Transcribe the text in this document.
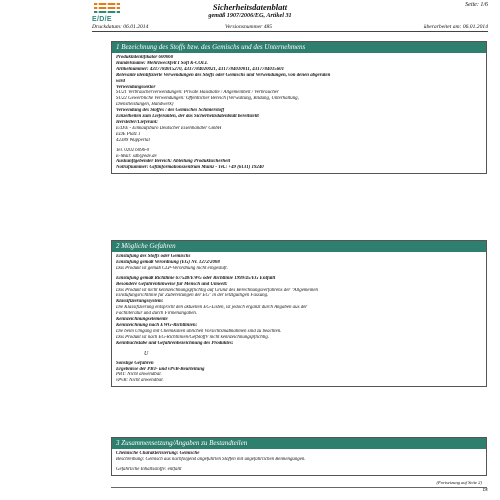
E/D/E
Sicherheitsdatenblatt	Seite: 1/6
gemäß 1907/2006/EG, Artikel 31
Druckdatum: 06.01.2014	Versionsnummer 485	überarbeitet am: 06.01.2014
1 Bezeichnung des Stoffs bzw. des Gemischs und des Unternehmens
Produktidentifikator 600060
Handelsname: Mehrzweckfett I Soft K-COLL
Artikelnummer: 4317784015270, 4317784020021, 4317784010011, 4317784015601
Relevante identifizierte Verwendungen des Stoffs oder Gemischs und Verwendungen, von denen abgeraten
wird
Verwendungssektor
SU21 Verbraucherverwendungen: Private Haushalte / Allgemeinheit / Verbraucher
SU22 Gewerbliche Verwendungen: Öffentlicher Bereich (Verwaltung, Bildung, Unterhaltung,
Dienstleistungen, Handwerk)
Verwendung des Stoffes / des Gemisches Schmierstoff
Einzelheiten zum Lieferanten, der das Sicherheitsdatenblatt bereitstellt
Hersteller/Lieferant:
E/D/E - Einkaufsbüro Deutscher Eisenhändler GmbH
EDE Platz 1
42389 Wuppertal
Tel. 0202 6096-0
E-Mail: sdb@ede.de
Auskunftgebender Bereich: Abteilung Produktsicherheit
Notrufnummer: Giftinformationszentrum Mainz - Tel.: +49 (6131) 19240
2 Mögliche Gefahren
Einstufung des Stoffs oder Gemischs
Einstufung gemäß Verordnung (EG) Nr. 1272/2008
Das Produkt ist gemäß CLP-Verordnung nicht eingestuft.
Einstufung gemäß Richtlinie 67/548/EWG oder Richtlinie 1999/45/EG Entfällt
Besondere Gefahrenhinweise für Mensch und Umwelt:
Das Produkt ist nicht kennzeichnungspflichtig auf Grund des Berechnungsverfahrens der "Allgemeinen
Einstufungsrichtlinie für Zubereitungen der EG" in der letztgültigen Fassung.
Klassifizierungssystem:
Die Klassifizierung entspricht den aktuellen EG-Listen, ist jedoch ergänzt durch Angaben aus der
Fachliteratur und durch Firmenangaben.
Kennzeichnungselemente
Kennzeichnung nach EWG-Richtlinien:
Die beim Umgang mit Chemikalien üblichen Vorsichtsmaßnahmen sind zu beachten.
Das Produkt ist nach EG-Richtlinien/GefStoffV nicht kennzeichnungspflichtig.
Kennbuchstabe und Gefahrenbezeichnung des Produktes:
U
Sonstige Gefahren
Ergebnisse der PBT- und vPvB-Beurteilung
PBT: Nicht anwendbar.
vPvB: Nicht anwendbar.
3 Zusammensetzung/Angaben zu Bestandteilen
Chemische Charakterisierung: Gemische
Beschreibung: Gemisch aus nachfolgend angeführten Stoffen mit ungefährlichen Beimengungen.
Gefährliche Inhaltsstoffe: entfällt
(Fortsetzung auf Seite 2)
DE
